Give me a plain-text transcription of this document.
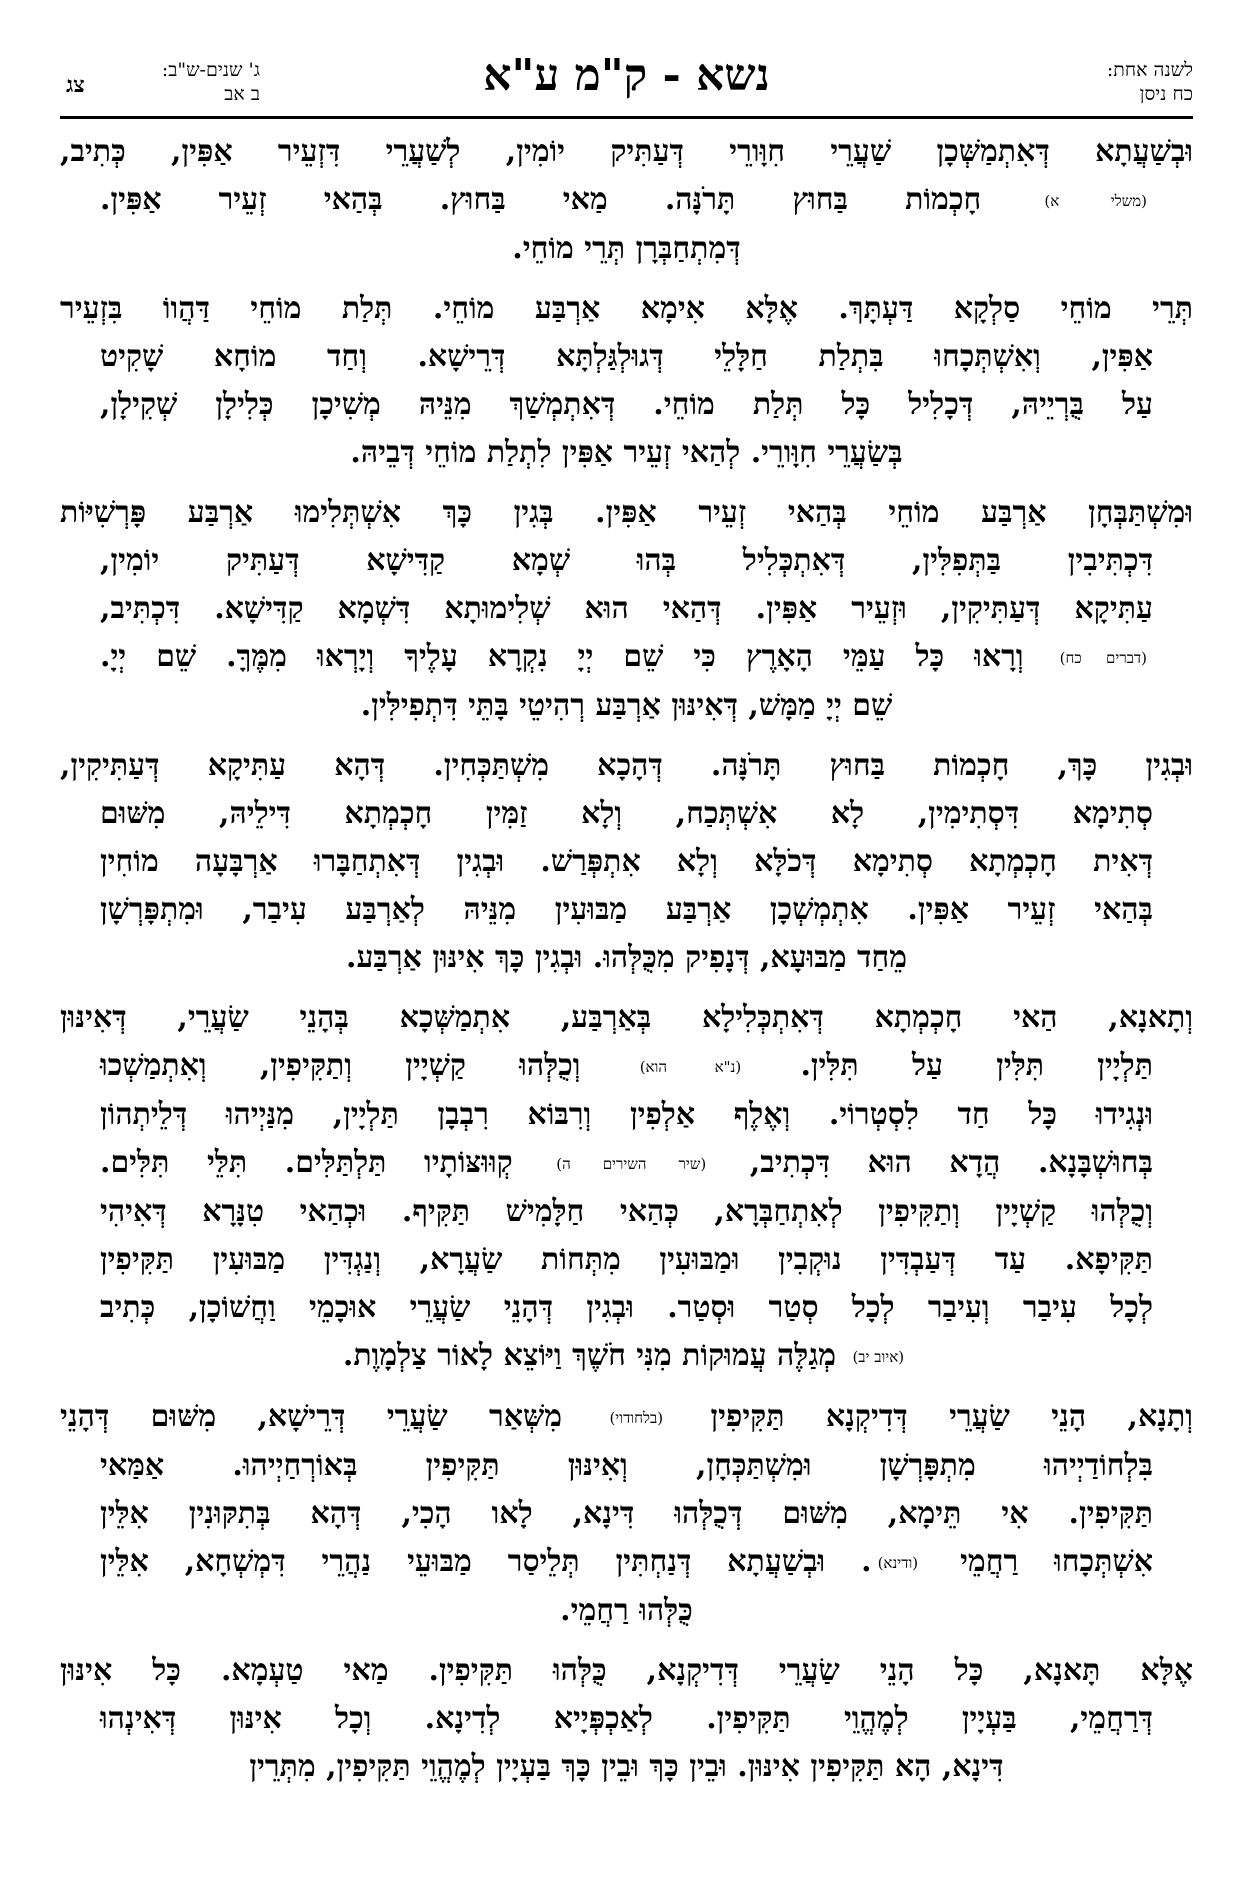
לשנה אחת:
כח ניסן
נשא - ק"מ ע"א
ג' שנים-ש"ב:
ב אב
צג
וּבְשַׁעֲתָא דְּאִתְמַשְּׁכָן שַׁעֲרֵי חִוָּורֵי דְּעַתִּיק יוֹמִין, לְשַׁעֲרֵי דִּזְעֵיר אַפִּין, כְּתִיב,
(משלי א) חָכְמוֹת בַּחוּץ תָּרֹנָּה. מַאי בַּחוּץ. בְּהַאי זְעֵיר אַפִּין.
דְּמִתְחַבְּרָן תְּרֵי מוֹחֵי.
תְּרֵי מוֹחֵי סַלְקָא דַּעְתָּךְ. אֶלָּא אִימָא אַרְבַּע מוֹחֵי. תְּלַת מוֹחֵי דַּהֲווֹ בִּזְעֵיר
אַפִּין, וְאִשְׁתְּכָחוּ בִּתְלַת חַלָּלֵי דְּגוּלְגַּלְתָּא דְּרֵישָׁא. וְחַד מוֹחָא שָׁקִיט
עַל בֻּרְיֵיהּ, דְּכָלִיל כָּל תְּלַת מוֹחֵי. דְּאִתְמְשַׁךְ מִנֵּיהּ מְשִׁיכָן כְּלִילָן שְׁקִילָן,
בְּשַׂעֲרֵי חִוָּורֵי. לְהַאי זְעֵיר אַפִּין לִתְלַת מוֹחֵי דְּבֵיהּ.
וּמִשְׁתַּבְּחָן אַרְבַּע מוֹחֵי בְּהַאי זְעֵיר אַפִּין. בְּגִין כָּךְ אִשְׁתְּלִימוּ אַרְבַּע פָּרְשִׁיּוֹת
דִּכְתִּיבִין בַּתְּפִלִּין, דְּאִתְכְּלִיל בְּהוּ שְׁמָא קַדִּישָׁא דְּעַתִּיק יוֹמִין,
עַתִּיקָא דְּעַתִּיקִין, וּזְעֵיר אַפִּין. דְּהַאי הוּא שְׁלִימוּתָא דִּשְׁמָא קַדִּישָׁא. דִּכְתִּיב,
(דברים כח) וְרָאוּ כָּל עַמֵּי הָאָרֶץ כִּי שֵׁם יְיָ נִקְרָא עָלֶיךָ וְיָרְאוּ מִמֶּךָּ. שֵׁם יְיָ.
שֵׁם יְיָ מַמָּשׁ, דְּאִינּוּן אַרְבַּע רְהִיטֵי בָּתֵּי דִּתְפִילִּין.
וּבְגִין כָּךְ, חָכְמוֹת בַּחוּץ תָּרֹנָּה. דְּהָכָא מִשְׁתַּכְּחִין. דְּהָא עַתִּיקָא דְּעַתִּיקִין,
סְתִימָא דִּסְתִימִין, לָא אִשְׁתְּכַח, וְלָא זַמִּין חָכְמְתָא דִּילֵיהּ, מִשּׁוּם
דְּאִית חָכְמְתָא סְתִימָא דְּכֹלָּא וְלָא אִתְפְּרַשׁ. וּבְגִין דְּאִתְחַבָּרוּ אַרְבָּעָה מוֹחִין
בְּהַאי זְעֵיר אַפִּין. אִתְמְשְׁכָן אַרְבַּע מַבּוּעִין מִנֵּיהּ לְאַרְבַּע עִיבַר, וּמִתְפָּרְשָׁן
מֵחַד מַבּוּעָא, דְּנָפִיק מִכֻּלְּהוּ. וּבְגִין כָּךְ אִינּוּן אַרְבַּע.
וְתָאנָא, הַאי חָכְמְתָא דְּאִתְכְּלִילָא בְּאַרְבַּע, אִתְמַשְּׁכָא בְּהָנֵי שַׂעֲרֵי, דְּאִינּוּן
תַּלְיָין תִּלִּין עַל תִּלִּין. (נ"א הוא) וְכֻלְּהוּ קַשְׁיָין וְתַקִּיפִין, וְאִתְמַשְׁכוּ
וּנְגִידוּ כָּל חַד לִסְטְרוֹי. וְאֶלֶף אַלְפִין וְרִבּוֹא רִבְבָן תַּלְיָין, מִנַּיְיהוּ דְּלֵיתְהוֹן
בְּחוּשְׁבָּנָא. הֲדָא הוּא דִּכְתִיב, (שיר השירים ה) קְוּוּצּוֹתָיו תַּלְתַּלִּים. תִּלֵּי תִּלִּים.
וְכֻלְּהוּ קַשְׁיָין וְתַקִּיפִין לְאִתְחַבְּרָא, כְּהַאי חַלָּמִישׁ תַּקִּיף. וּכְהַאי טִנָּרָא דְּאִיהִי
תַּקִּיפָא. עַד דְּעַבְדִּין נוּקְבִין וּמַבּוּעִין מִתְּחוֹת שַׂעֲרָא, וְנַגְדִּין מַבּוּעִין תַּקִּיפִין
לְכָל עִיבַר וְעִיבַר לְכָל סְטַר וּסְטַר. וּבְגִין דְּהָנֵי שַׂעֲרֵי אוּכָמֵי וַחֲשׁוֹכָן, כְּתִיב
(איוב יב) מְגַלֶּה עֲמוּקוֹת מִנִּי חֹשֶׁךְ וַיּוֹצֵא לָאוֹר צַלְמָוֶת.
וְתָנָא, הָנֵי שַׂעֲרֵי דְּדִיקְנָא תַּקִּיפִין (בלחודוי) מִשְּׁאַר שַׂעֲרֵי דְּרֵישָׁא, מִשּׁוּם דְּהָנֵי
בִּלְחוֹדַיְיהוּ מִתְפָּרְשָׁן וּמִשְׁתַּכְּחָן, וְאִינּוּן תַּקִּיפִין בְּאוֹרְחַיְיהוּ. אַמַּאי
תַּקִּיפִין. אִי תֵּימָא, מִשּׁוּם דְּכֻלְּהוּ דִּינָא, לָאו הָכִי, דְּהָא בְּתִקּוּנִין אִלֵּין
אִשְׁתְּכָחוּ רַחֲמֵי (ודינא). וּבְשַׁעֲתָא דְּנַחְתִּין תְּלֵיסַר מַבּוּעֵי נַהֲרֵי דִּמְשְׁחָא, אִלֵּין
כֻּלְּהוּ רַחֲמֵי.
אֶלָּא תָּאנָא, כָּל הָנֵי שַׂעֲרֵי דְּדִיקְנָא, כֻּלְּהוּ תַּקִּיפִין. מַאי טַעְמָא. כָּל אִינּוּן
דְּרַחֲמֵי, בַּעְיָין לְמֶהֱוֵי תַּקִּיפִין. לְאַכְפְּיָיא לְדִינָא. וְכָל אִינּוּן דְּאִינְהוּ
דִּינָא, הָא תַּקִּיפִין אִינּוּן. וּבֵין כָּךְ וּבֵין כָּךְ בַּעְיָין לְמֶהֱוֵי תַּקִּיפִין, מִתְּרֵין
